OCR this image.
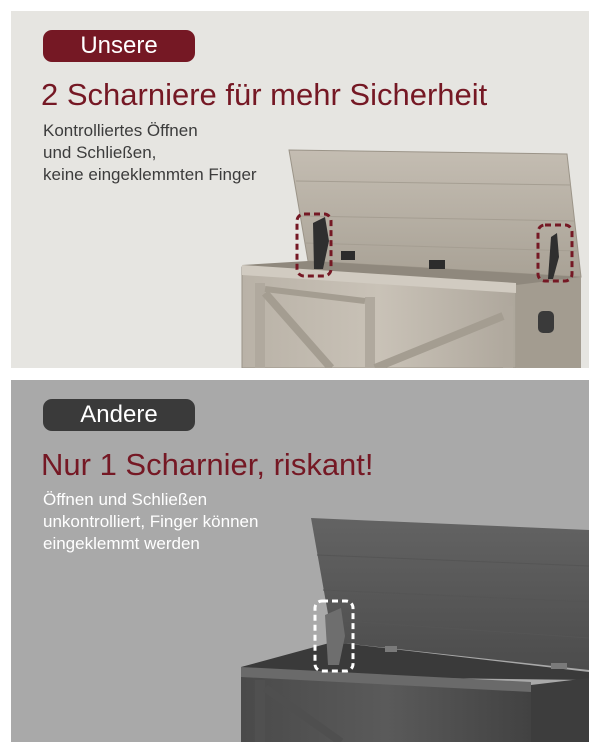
Unsere
2 Scharniere für mehr Sicherheit
Kontrolliertes Öffnen
und Schließen,
keine eingeklemmten Finger
Andere
Nur 1 Scharnier, riskant!
Öffnen und Schließen
unkontrolliert, Finger können
eingeklemmt werden
